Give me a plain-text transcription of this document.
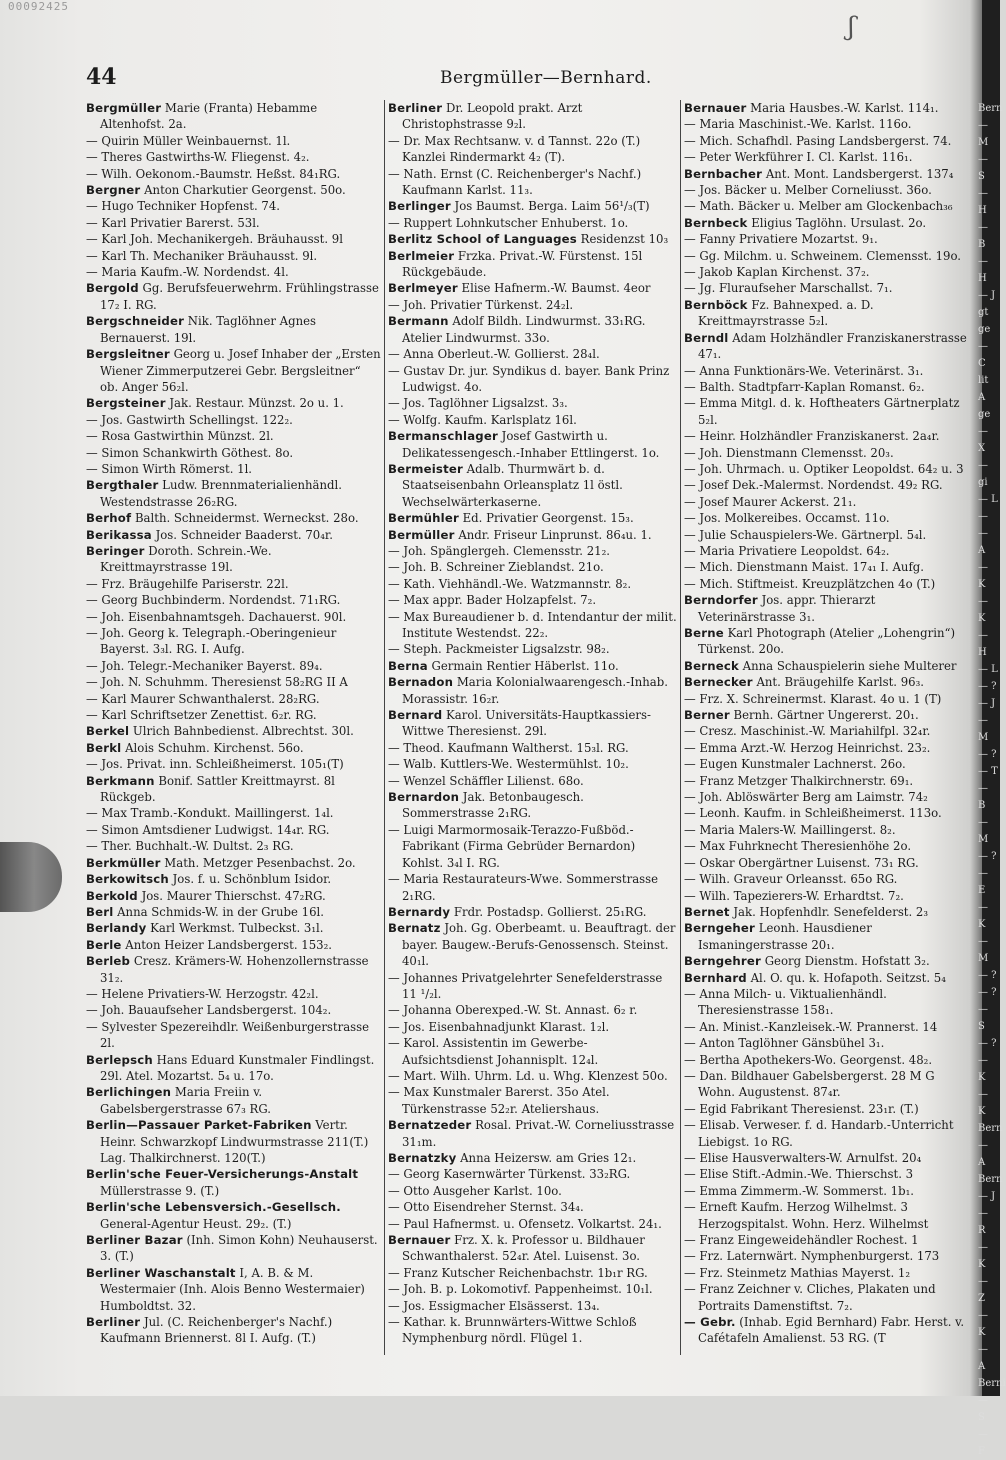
00092425
ʃ
44	Bergmüller—Bernhard.

Bergmüller Marie (Franta) Hebamme Altenhofst. 2a.

— Quirin Müller Weinbauernst. 1l.

— Theres Gastwirths-W. Fliegenst. 4₂.

— Wilh. Oekonom.-Baumstr. Heßst. 84₁RG.

Bergner Anton Charkutier Georgenst. 50o.

— Hugo Techniker Hopfenst. 74.

— Karl Privatier Barerst. 53l.

— Karl Joh. Mechanikergeh. Bräuhausst. 9l

— Karl Th. Mechaniker Bräuhausst. 9l.

— Maria Kaufm.-W. Nordendst. 4l.

Bergold Gg. Berufsfeuerwehrm. Frühlingstrasse 17₂ I. RG.

Bergschneider Nik. Taglöhner Agnes Bernauerst. 19l.

Bergsleitner Georg u. Josef Inhaber der „Ersten Wiener Zimmerputzerei Gebr. Bergsleitner“ ob. Anger 56₂l.

Bergsteiner Jak. Restaur. Münzst. 2o u. 1.

— Jos. Gastwirth Schellingst. 122₂.

— Rosa Gastwirthin Münzst. 2l.

— Simon Schankwirth Göthest. 8o.

— Simon Wirth Römerst. 1l.

Bergthaler Ludw. Brennmaterialienhändl. Westendstrasse 26₂RG.

Berhof Balth. Schneidermst. Werneckst. 28o.

Berikassa Jos. Schneider Baaderst. 70₄r.

Beringer Doroth. Schrein.-We. Kreittmayrstrasse 19l.

— Frz. Bräugehilfe Pariserstr. 22l.

— Georg Buchbinderm. Nordendst. 71₁RG.

— Joh. Eisenbahnamtsgeh. Dachauerst. 90l.

— Joh. Georg k. Telegraph.-Oberingenieur Bayerst. 3₃l. RG. I. Aufg.

— Joh. Telegr.-Mechaniker Bayerst. 89₄.

— Joh. N. Schuhmm. Theresienst 58₂RG II A

— Karl Maurer Schwanthalerst. 28₂RG.

— Karl Schriftsetzer Zenettist. 6₂r. RG.

Berkel Ulrich Bahnbedienst. Albrechtst. 30l.

Berkl Alois Schuhm. Kirchenst. 56o.

— Jos. Privat. inn. Schleißheimerst. 105₁(T)

Berkmann Bonif. Sattler Kreittmayrst. 8l Rückgeb.

— Max Tramb.-Kondukt. Maillingerst. 1₄l.

— Simon Amtsdiener Ludwigst. 14₄r. RG.

— Ther. Buchhalt.-W. Dultst. 2₃ RG.

Berkmüller Math. Metzger Pesenbachst. 2o.

Berkowitsch Jos. f. u. Schönblum Isidor.

Berkold Jos. Maurer Thierschst. 47₂RG.

Berl Anna Schmids-W. in der Grube 16l.

Berlandy Karl Werkmst. Tulbeckst. 3₁l.

Berle Anton Heizer Landsbergerst. 153₂.

Berleb Cresz. Krämers-W. Hohenzollernstrasse 31₂.

— Helene Privatiers-W. Herzogstr. 42₂l.

— Joh. Bauaufseher Landsbergerst. 104₂.

— Sylvester Spezereihdlr. Weißenburgerstrasse 2l.

Berlepsch Hans Eduard Kunstmaler Findlingst. 29l. Atel. Mozartst. 5₄ u. 17o.

Berlichingen Maria Freiin v. Gabelsbergerstrasse 67₃ RG.

Berlin—Passauer Parket-Fabriken Vertr. Heinr. Schwarzkopf Lindwurmstrasse 211(T.) Lag. Thalkirchnerst. 120(T.)

Berlin'sche Feuer-Versicherungs-Anstalt Müllerstrasse 9. (T.)

Berlin'sche Lebensversich.-Gesellsch. General-Agentur Heust. 29₂. (T.)

Berliner Bazar (Inh. Simon Kohn) Neuhauserst. 3. (T.)

Berliner Waschanstalt I, A. B. & M. Westermaier (Inh. Alois Benno Westermaier) Humboldtst. 32.

Berliner Jul. (C. Reichenberger's Nachf.) Kaufmann Briennerst. 8l I. Aufg. (T.)

Berliner Dr. Leopold prakt. Arzt Christophstrasse 9₂l.

— Dr. Max Rechtsanw. v. d Tannst. 22o (T.) Kanzlei Rindermarkt 4₂ (T).

— Nath. Ernst (C. Reichenberger's Nachf.) Kaufmann Karlst. 11₃.

Berlinger Jos Baumst. Berga. Laim 56¹/₃(T)

— Ruppert Lohnkutscher Enhuberst. 1o.

Berlitz School of Languages Residenzst 10₃

Berlmeier Frzka. Privat.-W. Fürstenst. 15l Rückgebäude.

Berlmeyer Elise Hafnerm.-W. Baumst. 4eor

— Joh. Privatier Türkenst. 24₂l.

Bermann Adolf Bildh. Lindwurmst. 33₁RG. Atelier Lindwurmst. 33o.

— Anna Oberleut.-W. Gollierst. 28₄l.

— Gustav Dr. jur. Syndikus d. bayer. Bank Prinz Ludwigst. 4o.

— Jos. Taglöhner Ligsalzst. 3₃.

— Wolfg. Kaufm. Karlsplatz 16l.

Bermanschlager Josef Gastwirth u. Delikatessengesch.-Inhaber Ettlingerst. 1o.

Bermeister Adalb. Thurmwärt b. d. Staatseisenbahn Orleansplatz 1l östl. Wechselwärterkaserne.

Bermühler Ed. Privatier Georgenst. 15₃.

Bermüller Andr. Friseur Linprunst. 86₄u. 1.

— Joh. Spänglergeh. Clemensstr. 21₂.

— Joh. B. Schreiner Zieblandst. 21o.

— Kath. Viehhändl.-We. Watzmannstr. 8₂.

— Max appr. Bader Holzapfelst. 7₂.

— Max Bureaudiener b. d. Intendantur der milit. Institute Westendst. 22₂.

— Steph. Packmeister Ligsalzstr. 98₂.

Berna Germain Rentier Häberlst. 11o.

Bernadon Maria Kolonialwaarengesch.-Inhab. Morassistr. 16₂r.

Bernard Karol. Universitäts-Hauptkassiers-Wittwe Theresienst. 29l.

— Theod. Kaufmann Waltherst. 15₃l. RG.

— Walb. Kuttlers-We. Westermühlst. 10₂.

— Wenzel Schäffler Lilienst. 68o.

Bernardon Jak. Betonbaugesch. Sommerstrasse 2₁RG.

— Luigi Marmormosaik-Terazzo-Fußböd.-Fabrikant (Firma Gebrüder Bernardon) Kohlst. 3₄l I. RG.

— Maria Restaurateurs-Wwe. Sommerstrasse 2₁RG.

Bernardy Frdr. Postadsp. Gollierst. 25₁RG.

Bernatz Joh. Gg. Oberbeamt. u. Beauftragt. der bayer. Baugew.-Berufs-Genossensch. Steinst. 40₁l.

— Johannes Privatgelehrter Senefelderstrasse 11 ¹/₂l.

— Johanna Oberexped.-W. St. Annast. 6₂ r.

— Jos. Eisenbahnadjunkt Klarast. 1₂l.

— Karol. Assistentin im Gewerbe-Aufsichtsdienst Johannisplt. 12₄l.

— Mart. Wilh. Uhrm. Ld. u. Whg. Klenzest 50o.

— Max Kunstmaler Barerst. 35o Atel. Türkenstrasse 52₂r. Ateliershaus.

Bernatzeder Rosal. Privat.-W. Corneliusstrasse 31₁m.

Bernatzky Anna Heizersw. am Gries 12₁.

— Georg Kasernwärter Türkenst. 33₂RG.

— Otto Ausgeher Karlst. 10o.

— Otto Eisendreher Sternst. 34₄.

— Paul Hafnermst. u. Ofensetz. Volkartst. 24₁.

Bernauer Frz. X. k. Professor u. Bildhauer Schwanthalerst. 52₄r. Atel. Luisenst. 3o.

— Franz Kutscher Reichenbachstr. 1b₁r RG.

— Joh. B. p. Lokomotivf. Pappenheimst. 10₁l.

— Jos. Essigmacher Elsässerst. 13₄.

— Kathar. k. Brunnwärters-Wittwe Schloß Nymphenburg nördl. Flügel 1.

Bernauer Maria Hausbes.-W. Karlst. 114₁.

— Maria Maschinist.-We. Karlst. 116o.

— Mich. Schafhdl. Pasing Landsbergerst. 74.

— Peter Werkführer I. Cl. Karlst. 116₁.

Bernbacher Ant. Mont. Landsbergerst. 137₄

— Jos. Bäcker u. Melber Corneliusst. 36o.

— Math. Bäcker u. Melber am Glockenbach₃₆

Bernbeck Eligius Taglöhn. Ursulast. 2o.

— Fanny Privatiere Mozartst. 9₁.

— Gg. Milchm. u. Schweinem. Clemensst. 19o.

— Jakob Kaplan Kirchenst. 37₂.

— Jg. Fluraufseher Marschallst. 7₁.

Bernböck Fz. Bahnexped. a. D. Kreittmayrstrasse 5₂l.

Berndl Adam Holzhändler Franziskanerstrasse 47₁.

— Anna Funktionärs-We. Veterinärst. 3₁.

— Balth. Stadtpfarr-Kaplan Romanst. 6₂.

— Emma Mitgl. d. k. Hoftheaters Gärtnerplatz 5₂l.

— Heinr. Holzhändler Franziskanerst. 2a₄r.

— Joh. Dienstmann Clemensst. 20₃.

— Joh. Uhrmach. u. Optiker Leopoldst. 64₂ u. 3

— Josef Dek.-Malermst. Nordendst. 49₂ RG.

— Josef Maurer Ackerst. 21₁.

— Jos. Molkereibes. Occamst. 11o.

— Julie Schauspielers-We. Gärtnerpl. 5₄l.

— Maria Privatiere Leopoldst. 64₂.

— Mich. Dienstmann Maist. 17₄₁ I. Aufg.

— Mich. Stiftmeist. Kreuzplätzchen 4o (T.)

Berndorfer Jos. appr. Thierarzt Veterinärstrasse 3₁.

Berne Karl Photograph (Atelier „Lohengrin“) Türkenst. 20o.

Berneck Anna Schauspielerin siehe Multerer

Bernecker Ant. Bräugehilfe Karlst. 96₃.

— Frz. X. Schreinermst. Klarast. 4o u. 1 (T)

Berner Bernh. Gärtner Ungererst. 20₁.

— Cresz. Maschinist.-W. Mariahilfpl. 32₄r.

— Emma Arzt.-W. Herzog Heinrichst. 23₂.

— Eugen Kunstmaler Lachnerst. 26o.

— Franz Metzger Thalkirchnerstr. 69₁.

— Joh. Ablöswärter Berg am Laimstr. 74₂

— Leonh. Kaufm. in Schleißheimerst. 113o.

— Maria Malers-W. Maillingerst. 8₂.

— Max Fuhrknecht Theresienhöhe 2o.

— Oskar Obergärtner Luisenst. 73₁ RG.

— Wilh. Graveur Orleansst. 65o RG.

— Wilh. Tapezierers-W. Erhardtst. 7₂.

Bernet Jak. Hopfenhdlr. Senefelderst. 2₃

Berngeher Leonh. Hausdiener Ismaningerstrasse 20₁.

Berngehrer Georg Dienstm. Hofstatt 3₂.

Bernhard Al. O. qu. k. Hofapoth. Seitzst. 5₄

— Anna Milch- u. Viktualienhändl. Theresienstrasse 158₁.

— An. Minist.-Kanzleisek.-W. Prannerst. 14

— Anton Taglöhner Gänsbühel 3₁.

— Bertha Apothekers-Wo. Georgenst. 48₂.

— Dan. Bildhauer Gabelsbergerst. 28 M G Wohn. Augustenst. 87₄r.

— Egid Fabrikant Theresienst. 23₁r. (T.)

— Elisab. Verweser. f. d. Handarb.-Unterricht Liebigst. 1o RG.

— Elise Hausverwalters-W. Arnulfst. 20₄

— Elise Stift.-Admin.-We. Thierschst. 3

— Emma Zimmerm.-W. Sommerst. 1b₁.

— Erneft Kaufm. Herzog Wilhelmst. 3 Herzogspitalst. Wohn. Herz. Wilhelmst

— Franz Eingeweidehändler Rochest. 1

— Frz. Laternwärt. Nymphenburgerst. 173

— Frz. Steinmetz Mathias Mayerst. 1₂

— Franz Zeichner v. Cliches, Plakaten und Portraits Damenstiftst. 7₂.

— Gebr. (Inhab. Egid Bernhard) Fabr. Herst. v. Cafétafeln Amalienst. 53 RG. (T

Bern
— M
— S
— H
— B
— H
— J
gt
ge
— C
lit
A
ge
— X
—
gi
— L
—
— A
— K
— K
— H
— L
— ?
— J
— M
— ?
— T
— B
— M
— ?
— E
— K
— M
— ?
— ?
— S
— ?
— K
— K
Bern
— A
Bern
— J
— R
— K
— Z
— K
— A
Berni
— S
— F
